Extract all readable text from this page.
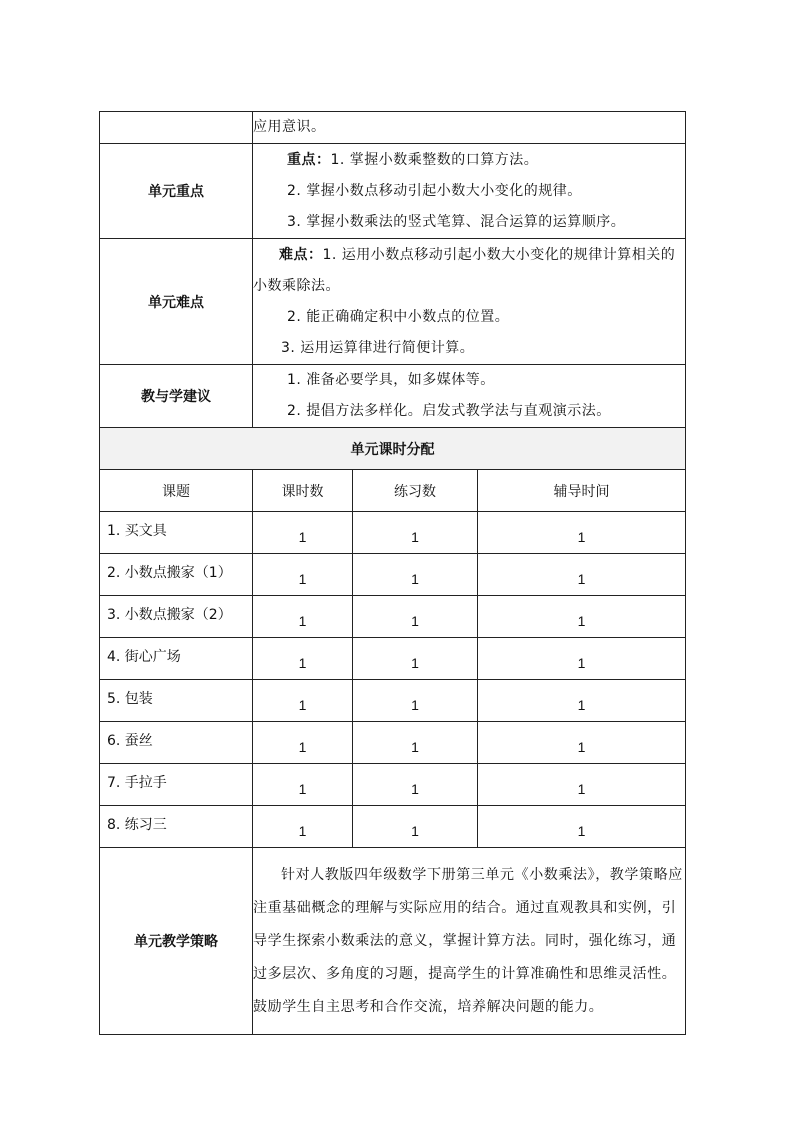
	应用意识。		
单元重点	重点：1. 掌握小数乘整数的口算方法。

2. 掌握小数点移动引起小数大小变化的规律。

3. 掌握小数乘法的竖式笔算、混合运算的运算顺序。		

单元难点	难点：1. 运用小数点移动引起小数大小变化的规律计算相关的小数乘除法。

2. 能正确确定积中小数点的位置。

3. 运用运算律进行简便计算。		

教与学建议	1. 准备必要学具，如多媒体等。

2. 提倡方法多样化。启发式教学法与直观演示法。		

单元课时分配			
课题	课时数	练习数	辅导时间
1. 买文具	1	1	1
2. 小数点搬家（1）	1	1	1
3. 小数点搬家（2）	1	1	1
4. 街心广场	1	1	1
5. 包装	1	1	1
6. 蚕丝	1	1	1
7. 手拉手	1	1	1
8. 练习三	1	1	1
单元教学策略	针对人教版四年级数学下册第三单元《小数乘法》，教学策略应注重基础概念的理解与实际应用的结合。通过直观教具和实例，引导学生探索小数乘法的意义，掌握计算方法。同时，强化练习，通过多层次、多角度的习题，提高学生的计算准确性和思维灵活性。鼓励学生自主思考和合作交流，培养解决问题的能力。		
